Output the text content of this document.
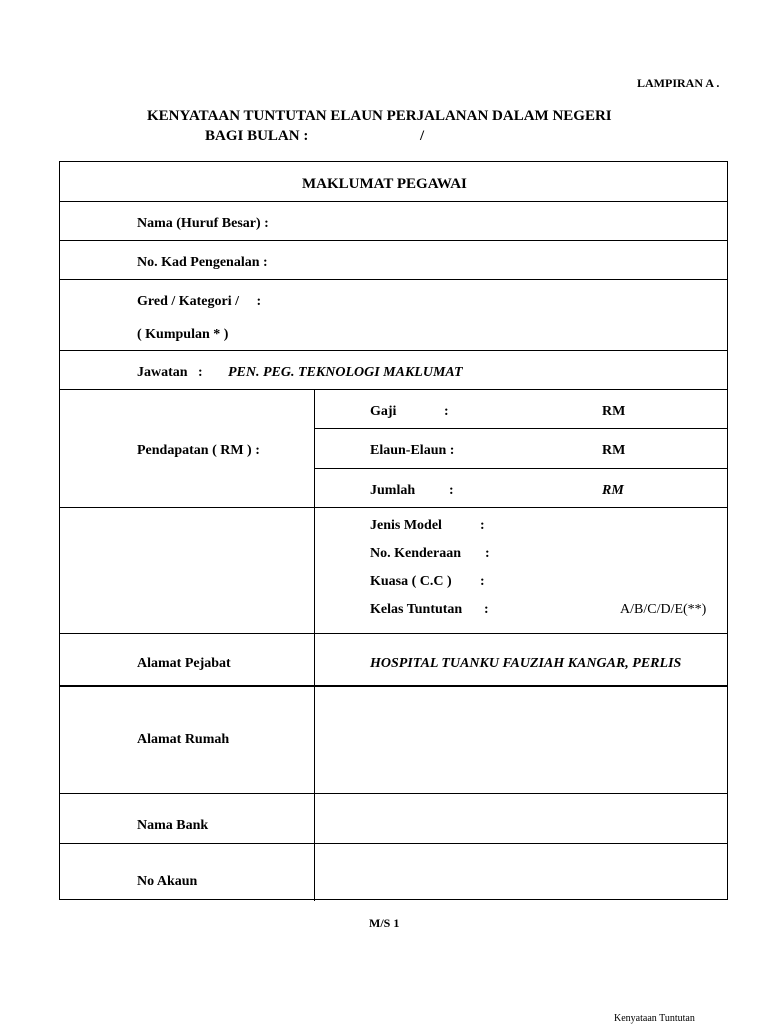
LAMPIRAN A .
KENYATAAN TUNTUTAN ELAUN PERJALANAN DALAM NEGERI
BAGI BULAN :	/
MAKLUMAT PEGAWAI
Nama (Huruf Besar) :
No. Kad Pengenalan :
Gred / Kategori /     :
( Kumpulan * )
Jawatan   : PEN. PEG. TEKNOLOGI MAKLUMAT
Pendapatan ( RM ) :
Gaji	:	RM
Elaun-Elaun :	RM
Jumlah :	RM
Jenis Model	:
No. Kenderaan :
Kuasa ( C.C ) :
Kelas Tuntutan :	A/B/C/D/E(**)
Alamat Pejabat	HOSPITAL TUANKU FAUZIAH KANGAR, PERLIS
Alamat Rumah
Nama Bank
No Akaun
M/S 1
Kenyataan Tuntutan
